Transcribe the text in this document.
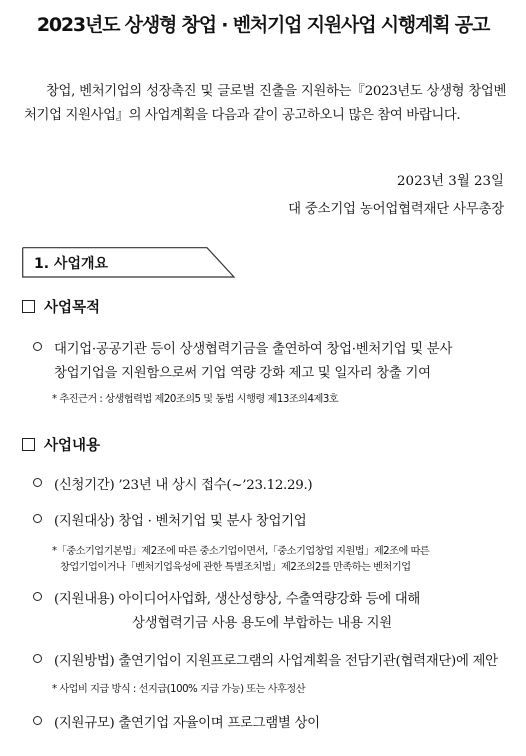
2023년도 상생형 창업 · 벤처기업 지원사업 시행계획 공고
창업, 벤처기업의 성장촉진 및 글로벌 진출을 지원하는『2023년도 상생형 창업벤처기업 지원사업』의 사업계획을 다음과 같이 공고하오니 많은 참여 바랍니다.
2023년 3월 23일
대 중소기업 농어업협력재단 사무총장
1. 사업개요
사업목적
대기업·공공기관 등이 상생협력기금을 출연하여 창업·벤처기업 및 분사
창업기업을 지원함으로써 기업 역량 강화 제고 및 일자리 창출 기여
* 추진근거 : 상생협력법 제20조의5 및 동법 시행령 제13조의4제3호
사업내용
(신청기간) ’23년 내 상시 접수(~’23.12.29.)
(지원대상) 창업 · 벤처기업 및 분사 창업기업
*「중소기업기본법」제2조에 따른 중소기업이면서,「중소기업창업 지원법」제2조에 따른
창업기업이거나「벤처기업육성에 관한 특별조치법」제2조의2를 만족하는 벤처기업
(지원내용) 아이디어사업화, 생산성향상, 수출역량강화 등에 대해
상생협력기금 사용 용도에 부합하는 내용 지원
(지원방법) 출연기업이 지원프로그램의 사업계획을 전담기관(협력재단)에 제안
* 사업비 지급 방식 : 선지급(100% 지급 가능) 또는 사후정산
(지원규모) 출연기업 자율이며 프로그램별 상이
